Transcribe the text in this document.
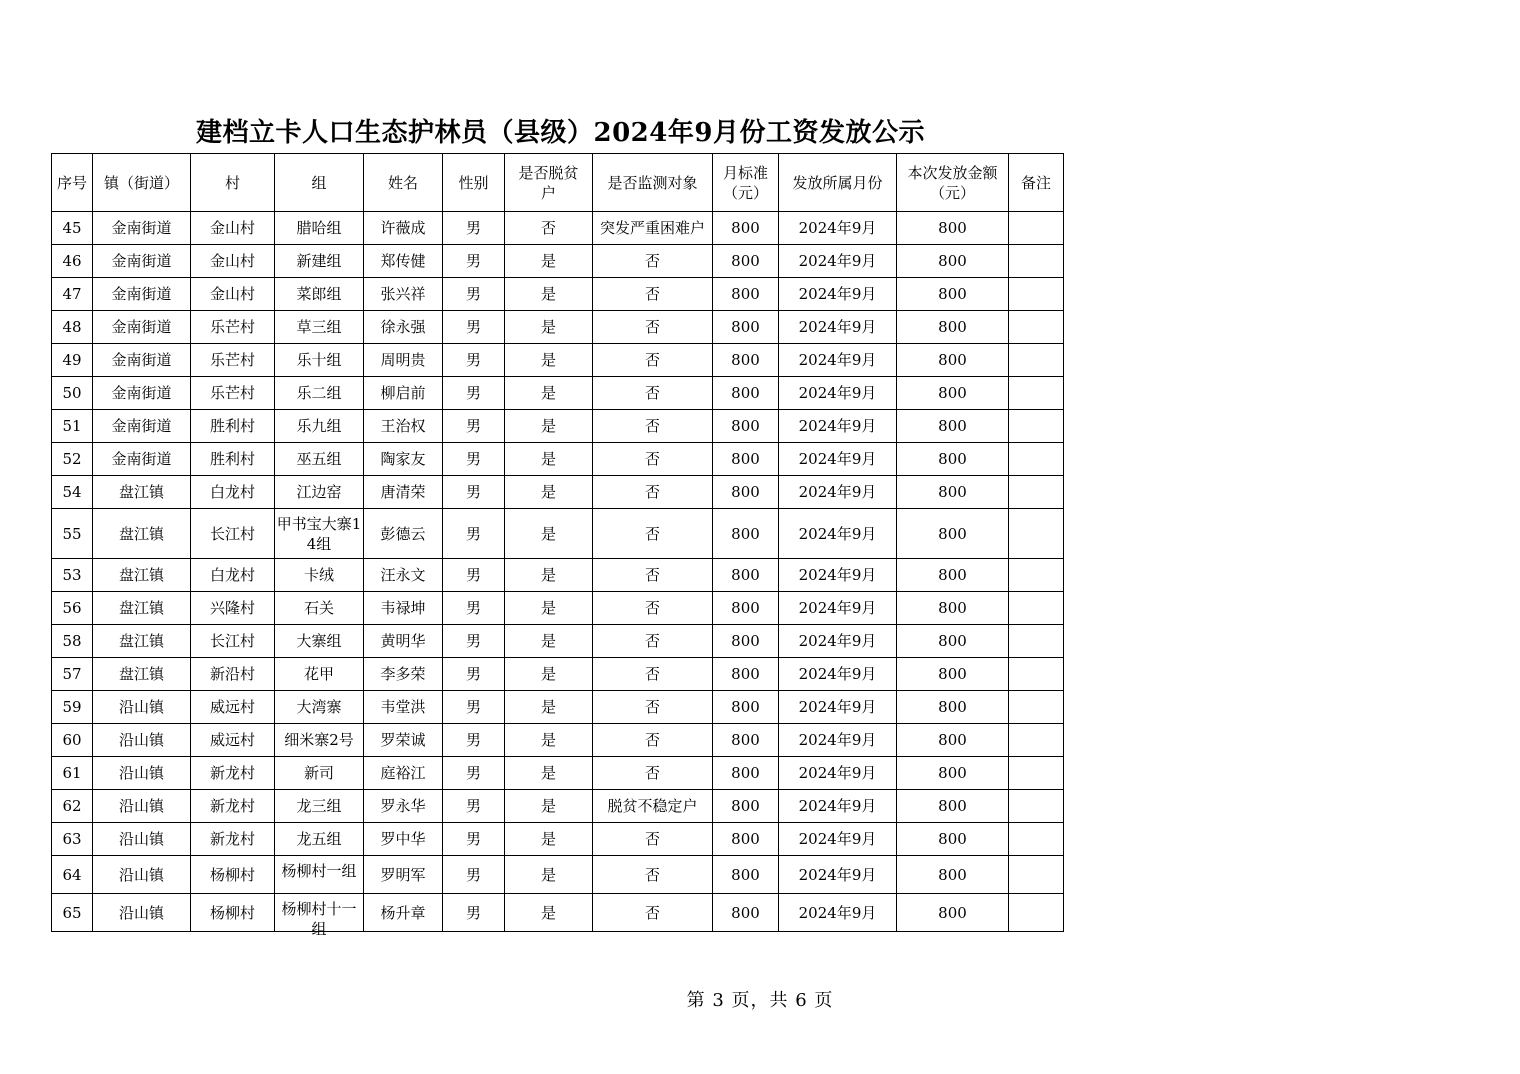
建档立卡人口生态护林员（县级）2024年9月份工资发放公示
序号	镇（街道）	村	组	姓名	性别	是否脱贫户	是否监测对象	月标准（元）	发放所属月份	本次发放金额（元）	备注
45	金南街道	金山村	腊哈组	许薇成	男	否	突发严重困难户	800	2024年9月	800	
46	金南街道	金山村	新建组	郑传健	男	是	否	800	2024年9月	800	
47	金南街道	金山村	菜郎组	张兴祥	男	是	否	800	2024年9月	800	
48	金南街道	乐芒村	草三组	徐永强	男	是	否	800	2024年9月	800	
49	金南街道	乐芒村	乐十组	周明贵	男	是	否	800	2024年9月	800	
50	金南街道	乐芒村	乐二组	柳启前	男	是	否	800	2024年9月	800	
51	金南街道	胜利村	乐九组	王治权	男	是	否	800	2024年9月	800	
52	金南街道	胜利村	巫五组	陶家友	男	是	否	800	2024年9月	800	
54	盘江镇	白龙村	江边窑	唐清荣	男	是	否	800	2024年9月	800	
55	盘江镇	长江村	甲书宝大寨14组	彭德云	男	是	否	800	2024年9月	800	
53	盘江镇	白龙村	卡绒	汪永文	男	是	否	800	2024年9月	800	
56	盘江镇	兴隆村	石关	韦禄坤	男	是	否	800	2024年9月	800	
58	盘江镇	长江村	大寨组	黄明华	男	是	否	800	2024年9月	800	
57	盘江镇	新沿村	花甲	李多荣	男	是	否	800	2024年9月	800	
59	沿山镇	威远村	大湾寨	韦堂洪	男	是	否	800	2024年9月	800	
60	沿山镇	威远村	细米寨2号	罗荣诚	男	是	否	800	2024年9月	800	
61	沿山镇	新龙村	新司	庭裕江	男	是	否	800	2024年9月	800	
62	沿山镇	新龙村	龙三组	罗永华	男	是	脱贫不稳定户	800	2024年9月	800	
63	沿山镇	新龙村	龙五组	罗中华	男	是	否	800	2024年9月	800	
64	沿山镇	杨柳村	杨柳村一组	罗明军	男	是	否	800	2024年9月	800	
65	沿山镇	杨柳村	杨柳村十一组	杨升章	男	是	否	800	2024年9月	800	
第 3 页，共 6 页
